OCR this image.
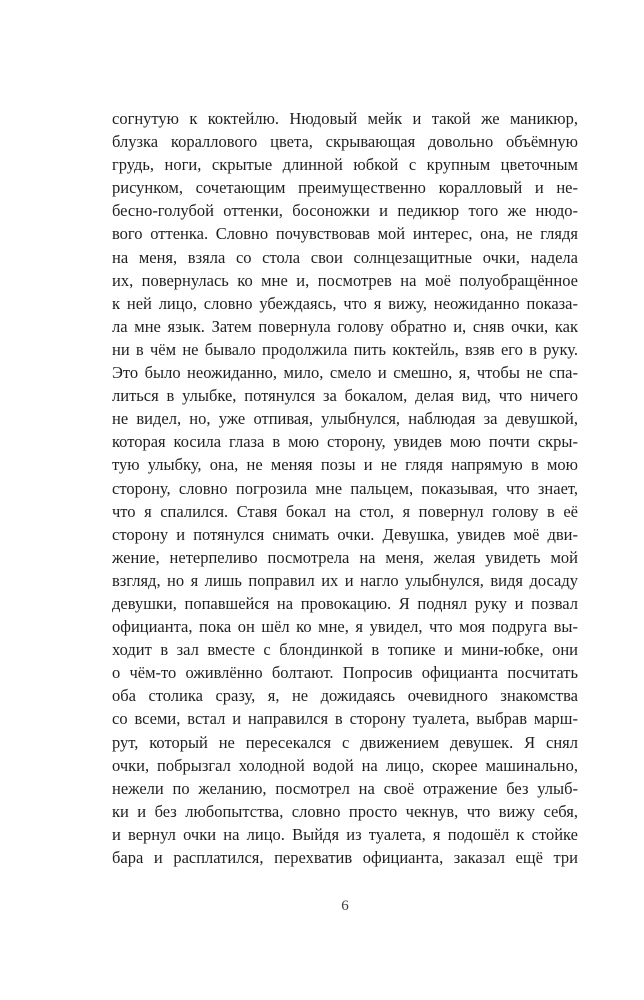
согнутую к коктейлю. Нюдовый мейк и такой же маникюр,

блузка кораллового цвета, скрывающая довольно объёмную

грудь, ноги, скрытые длинной юбкой с крупным цветочным

рисунком, сочетающим преимущественно коралловый и не-

бесно-голубой оттенки, босоножки и педикюр того же нюдо-

вого оттенка. Словно почувствовав мой интерес, она, не глядя

на меня, взяла со стола свои солнцезащитные очки, надела

их, повернулась ко мне и, посмотрев на моё полуобращённое

к ней лицо, словно убеждаясь, что я вижу, неожиданно показа-

ла мне язык. Затем повернула голову обратно и, сняв очки, как

ни в чём не бывало продолжила пить коктейль, взяв его в руку.

Это было неожиданно, мило, смело и смешно, я, чтобы не спа-

литься в улыбке, потянулся за бокалом, делая вид, что ничего

не видел, но, уже отпивая, улыбнулся, наблюдая за девушкой,

которая косила глаза в мою сторону, увидев мою почти скры-

тую улыбку, она, не меняя позы и не глядя напрямую в мою

сторону, словно погрозила мне пальцем, показывая, что знает,

что я спалился. Ставя бокал на стол, я повернул голову в её

сторону и потянулся снимать очки. Девушка, увидев моё дви-

жение, нетерпеливо посмотрела на меня, желая увидеть мой

взгляд, но я лишь поправил их и нагло улыбнулся, видя досаду

девушки, попавшейся на провокацию. Я поднял руку и позвал

официанта, пока он шёл ко мне, я увидел, что моя подруга вы-

ходит в зал вместе с блондинкой в топике и мини-юбке, они

о чём-то оживлённо болтают. Попросив официанта посчитать

оба столика сразу, я, не дожидаясь очевидного знакомства

со всеми, встал и направился в сторону туалета, выбрав марш-

рут, который не пересекался с движением девушек. Я снял

очки, побрызгал холодной водой на лицо, скорее машинально,

нежели по желанию, посмотрел на своё отражение без улыб-

ки и без любопытства, словно просто чекнув, что вижу себя,

и вернул очки на лицо. Выйдя из туалета, я подошёл к стойке

бара и расплатился, перехватив официанта, заказал ещё три

6
